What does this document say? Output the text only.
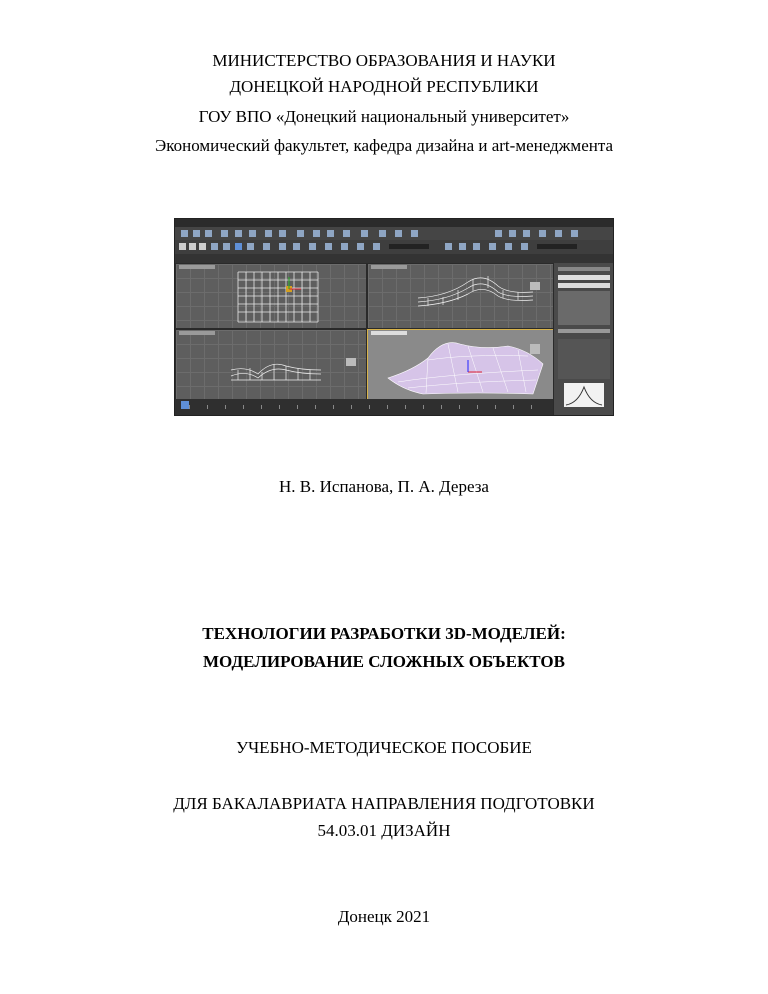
МИНИСТЕРСТВО ОБРАЗОВАНИЯ И НАУКИ
ДОНЕЦКОЙ НАРОДНОЙ РЕСПУБЛИКИ
ГОУ ВПО «Донецкий национальный университет»
Экономический факультет, кафедра дизайна и art-менеджмента
Н. В. Испанова, П. А. Дереза
ТЕХНОЛОГИИ РАЗРАБОТКИ 3D-МОДЕЛЕЙ:
МОДЕЛИРОВАНИЕ СЛОЖНЫХ ОБЪЕКТОВ
УЧЕБНО-МЕТОДИЧЕСКОЕ ПОСОБИЕ
ДЛЯ БАКАЛАВРИАТА НАПРАВЛЕНИЯ ПОДГОТОВКИ
54.03.01 ДИЗАЙН
Донецк 2021
